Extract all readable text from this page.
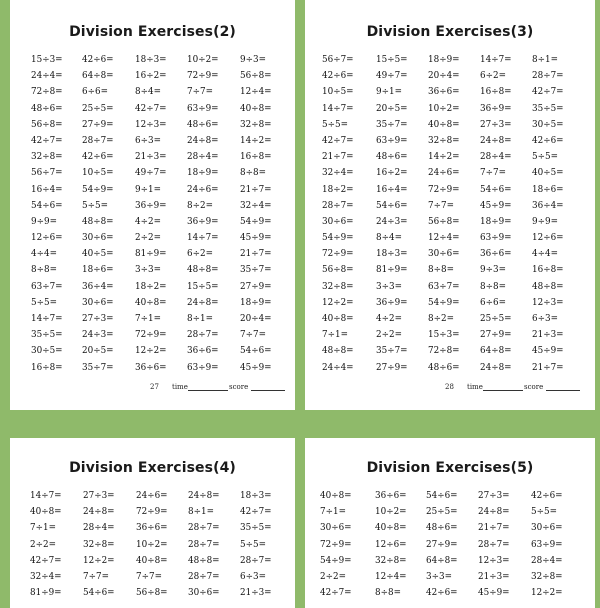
Division Exercises(2)
15÷3= 42÷6= 18÷3= 10÷2= 9÷3=
24÷4= 64÷8= 16÷2= 72÷9= 56÷8=
72÷8= 6÷6=	8÷4=	7÷7=	12÷4=
48÷6= 25÷5= 42÷7= 63÷9= 40÷8=
56÷8= 27÷9= 12÷3= 48÷6= 32÷8=
42÷7= 28÷7= 6÷3=	24÷8= 14÷2=
32÷8= 42÷6= 21÷3= 28÷4= 16÷8=
56÷7= 10÷5= 49÷7= 18÷9= 8÷8=
16÷4= 54÷9= 9÷1=	24÷6= 21÷7=
54÷6= 5÷5=	36÷9= 8÷2=	32÷4=
9÷9=	48÷8= 4÷2=	36÷9= 54÷9=
12÷6= 30÷6= 2÷2=	14÷7= 45÷9=
4÷4=	40÷5= 81÷9= 6÷2=	21÷7=
8÷8=	18÷6= 3÷3=	48÷8= 35÷7=
63÷7= 36÷4= 18÷2= 15÷5= 27÷9=
5÷5=	30÷6= 40÷8= 24÷8= 18÷9=
14÷7= 27÷3= 7÷1=	8÷1=	20÷4=
35÷5= 24÷3= 72÷9= 28÷7= 7÷7=
30÷5= 20÷5= 12÷2= 36÷6= 54÷6=
16÷8= 35÷7= 36÷6= 63÷9= 45÷9=
27 time	score
Division Exercises(3)
56÷7=	15÷5= 18÷9= 14÷7= 8÷1=
42÷6=	49÷7= 20÷4= 6÷2=	28÷7=
10÷5=	9÷1=	36÷6= 16÷8= 42÷7=
14÷7=	20÷5= 10÷2= 36÷9= 35÷5=
5÷5=	35÷7= 40÷8= 27÷3= 30÷5=
42÷7=	63÷9= 32÷8= 24÷8= 42÷6=
21÷7=	48÷6= 14÷2= 28÷4= 5÷5=
32÷4=	16÷2= 24÷6= 7÷7=	40÷5=
18÷2=	16÷4= 72÷9= 54÷6= 18÷6=
28÷7=	54÷6= 7÷7=	45÷9= 36÷4=
30÷6=	24÷3= 56÷8= 18÷9= 9÷9=
54÷9=	8÷4=	12÷4= 63÷9= 12÷6=
72÷9=	18÷3= 30÷6= 36÷6= 4÷4=
56÷8=	81÷9= 8÷8=	9÷3=	16÷8=
32÷8=	3÷3=	63÷7= 8÷8=	48÷8=
12÷2=	36÷9= 54÷9= 6÷6=	12÷3=
40÷8=	4÷2=	8÷2=	25÷5= 6÷3=
7÷1=	2÷2=	15÷3= 27÷9= 21÷3=
48÷8=	35÷7= 72÷8= 64÷8= 45÷9=
24÷4=	27÷9= 48÷6= 24÷8= 21÷7=
28 time	score
Division Exercises(4)
14÷7= 27÷3= 24÷6= 24÷8= 18÷3=
40÷8= 24÷8= 72÷9= 8÷1=	42÷7=
7÷1=	28÷4= 36÷6= 28÷7= 35÷5=
2÷2=	32÷8= 10÷2= 28÷7= 5÷5=
42÷7= 12÷2= 40÷8= 48÷8= 28÷7=
32÷4= 7÷7=	7÷7=	28÷7= 6÷3=
81÷9= 54÷6= 56÷8= 30÷6= 21÷3=
Division Exercises(5)
40÷8=	36÷6= 54÷6= 27÷3= 42÷6=
7÷1=	10÷2= 25÷5= 24÷8= 5÷5=
30÷6=	40÷8= 48÷6= 21÷7= 30÷6=
72÷9=	12÷6= 27÷9= 28÷7= 63÷9=
54÷9=	32÷8= 64÷8= 12÷3= 28÷4=
2÷2=	12÷4= 3÷3=	21÷3= 32÷8=
42÷7=	8÷8=	42÷6= 45÷9= 12÷2=
